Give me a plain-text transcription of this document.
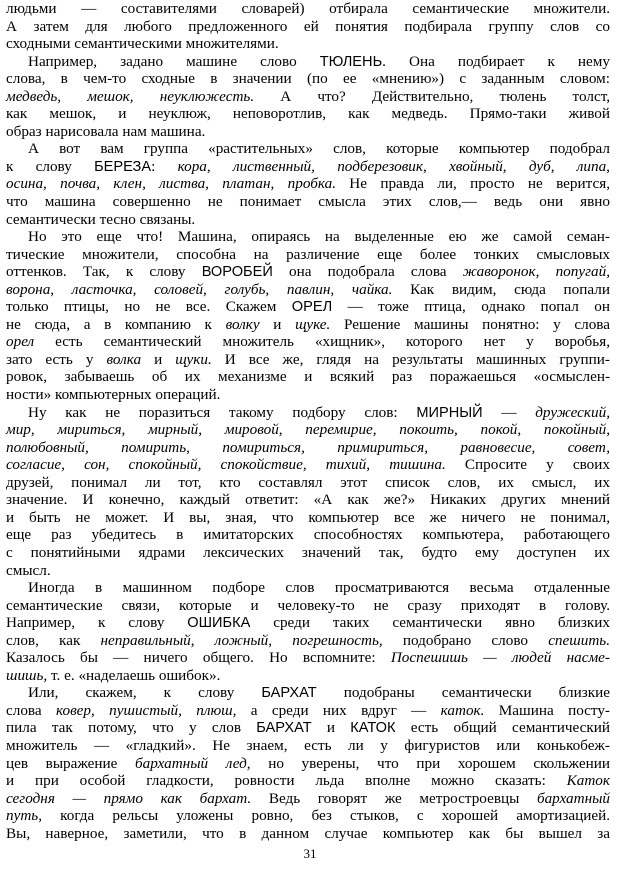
людьми — составителями словарей) отбирала семантические множители.
А затем для любого предложенного ей понятия подбирала группу слов со
сходными семантическими множителями.
Например, задано машине слово ТЮЛЕНЬ. Она подбирает к нему
слова, в чем-то сходные в значении (по ее «мнению») с заданным словом:
медведь, мешок, неуклюжесть. А что? Действительно, тюлень толст,
как мешок, и неуклюж, неповоротлив, как медведь. Прямо-таки живой
образ нарисовала нам машина.
А вот вам группа «растительных» слов, которые компьютер подобрал
к слову БЕРЕЗА: кора, лиственный, подберезовик, хвойный, дуб, липа,
осина, почва, клен, листва, платан, пробка. Не правда ли, просто не верится,
что машина совершенно не понимает смысла этих слов,— ведь они явно
семантически тесно связаны.
Но это еще что! Машина, опираясь на выделенные ею же самой семан-
тические множители, способна на различение еще более тонких смысловых
оттенков. Так, к слову ВОРОБЕЙ она подобрала слова жаворонок, попугай,
ворона, ласточка, соловей, голубь, павлин, чайка. Как видим, сюда попали
только птицы, но не все. Скажем ОРЕЛ — тоже птица, однако попал он
не сюда, а в компанию к волку и щуке. Решение машины понятно: у слова
орел есть семантический множитель «хищник», которого нет у воробья,
зато есть у волка и щуки. И все же, глядя на результаты машинных группи-
ровок, забываешь об их механизме и всякий раз поражаешься «осмыслен-
ности» компьютерных операций.
Ну как не поразиться такому подбору слов: МИРНЫЙ — дружеский,
мир, мириться, мирный, мировой, перемирие, покоить, покой, покойный,
полюбовный, помирить, помириться, примириться, равновесие, совет,
согласие, сон, спокойный, спокойствие, тихий, тишина. Спросите у своих
друзей, понимал ли тот, кто составлял этот список слов, их смысл, их
значение. И конечно, каждый ответит: «А как же?» Никаких других мнений
и быть не может. И вы, зная, что компьютер все же ничего не понимал,
еще раз убедитесь в имитаторских способностях компьютера, работающего
с понятийными ядрами лексических значений так, будто ему доступен их
смысл.
Иногда в машинном подборе слов просматриваются весьма отдаленные
семантические связи, которые и человеку-то не сразу приходят в голову.
Например, к слову ОШИБКА среди таких семантически явно близких
слов, как неправильный, ложный, погрешность, подобрано слово спешить.
Казалось бы — ничего общего. Но вспомните: Поспешишь — людей насме-
шишь, т. е. «наделаешь ошибок».
Или, скажем, к слову БАРХАТ подобраны семантически близкие
слова ковер, пушистый, плюш, а среди них вдруг — каток. Машина посту-
пила так потому, что у слов БАРХАТ и КАТОК есть общий семантический
множитель — «гладкий». Не знаем, есть ли у фигуристов или конькобеж-
цев выражение бархатный лед, но уверены, что при хорошем скольжении
и при особой гладкости, ровности льда вполне можно сказать: Каток
сегодня — прямо как бархат. Ведь говорят же метростроевцы бархатный
путь, когда рельсы уложены ровно, без стыков, с хорошей амортизацией.
Вы, наверное, заметили, что в данном случае компьютер как бы вышел за
31
